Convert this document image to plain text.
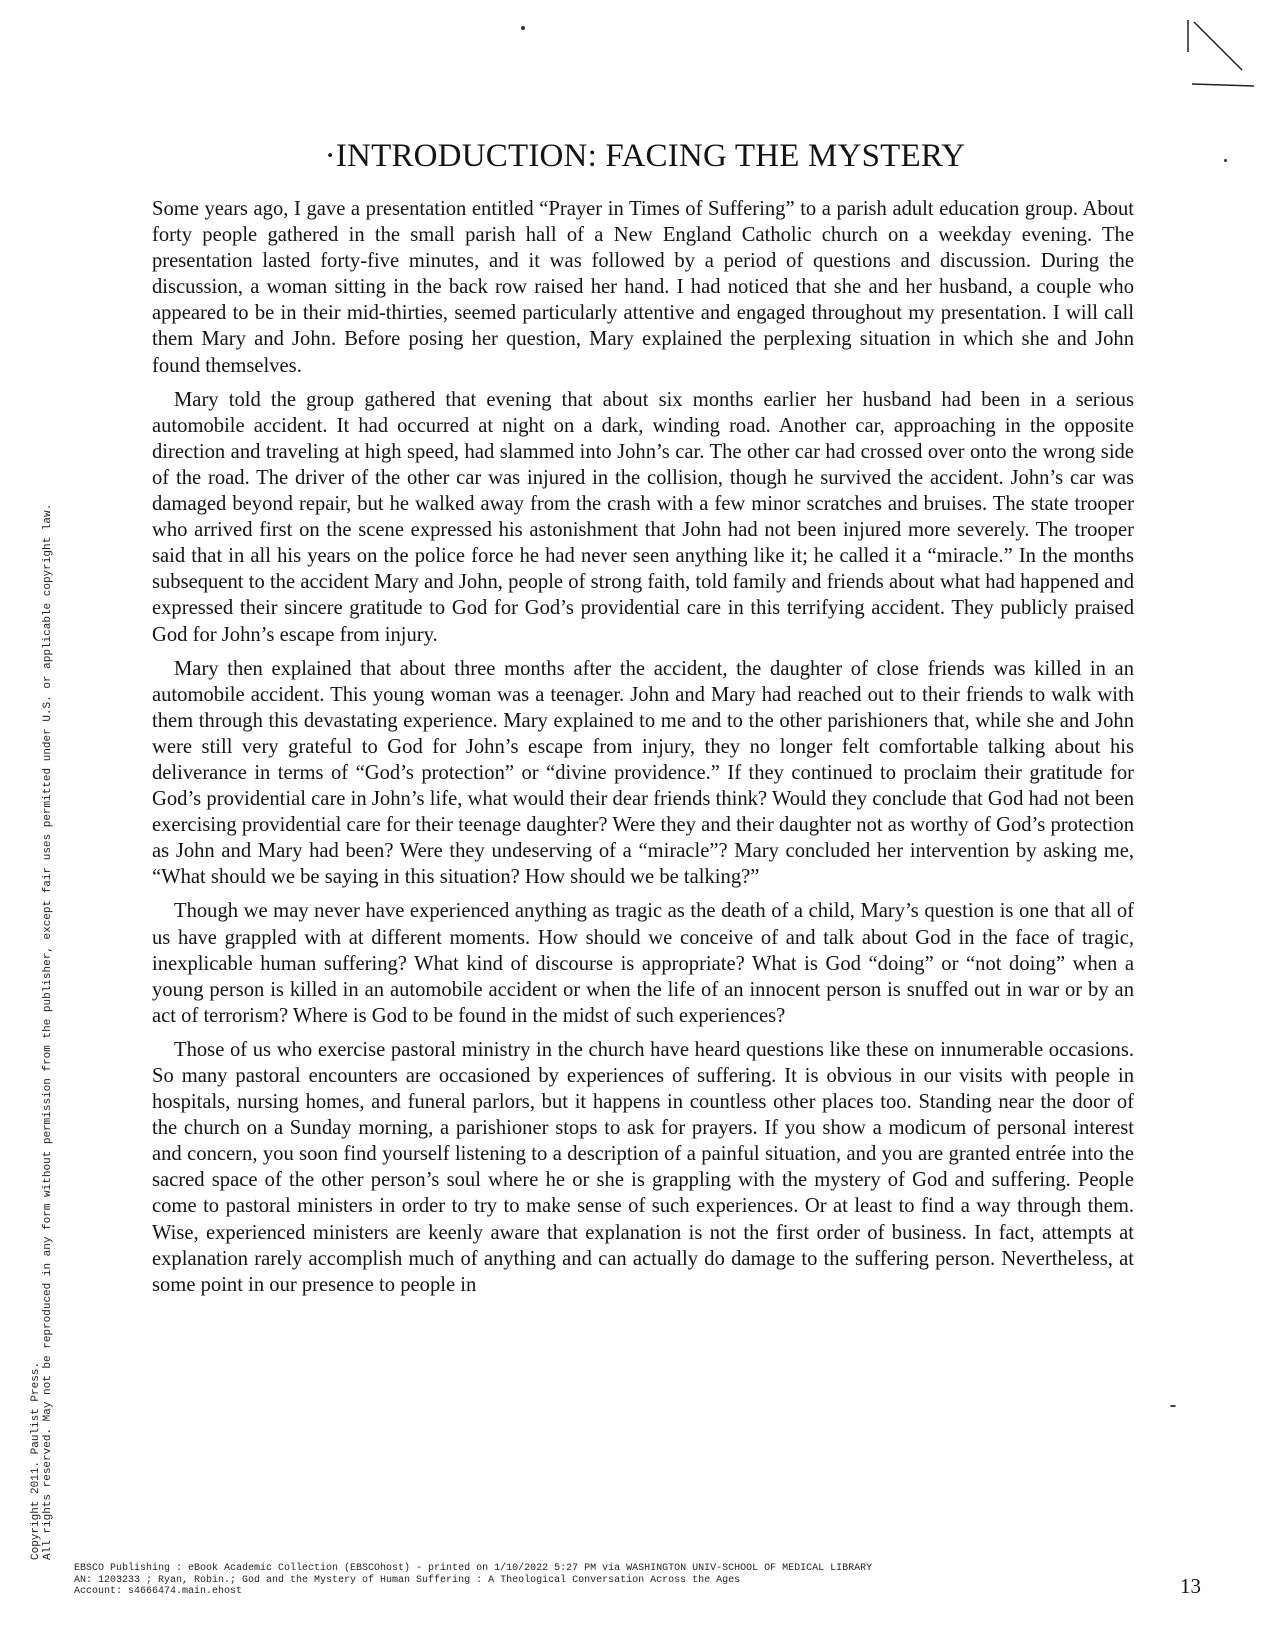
·INTRODUCTION: FACING THE MYSTERY

Some years ago, I gave a presentation entitled “Prayer in Times of Suffering” to a parish adult education group. About forty people gathered in the small parish hall of a New England Catholic church on a weekday evening. The presentation lasted forty-five minutes, and it was followed by a period of questions and discussion. During the discussion, a woman sitting in the back row raised her hand. I had noticed that she and her husband, a couple who appeared to be in their mid-thirties, seemed particularly attentive and engaged throughout my presentation. I will call them Mary and John. Before posing her question, Mary explained the perplexing situation in which she and John found themselves.

Mary told the group gathered that evening that about six months earlier her husband had been in a serious automobile accident. It had occurred at night on a dark, winding road. Another car, approaching in the opposite direction and traveling at high speed, had slammed into John’s car. The other car had crossed over onto the wrong side of the road. The driver of the other car was injured in the collision, though he survived the accident. John’s car was damaged beyond repair, but he walked away from the crash with a few minor scratches and bruises. The state trooper who arrived first on the scene expressed his astonishment that John had not been injured more severely. The trooper said that in all his years on the police force he had never seen anything like it; he called it a “miracle.” In the months subsequent to the accident Mary and John, people of strong faith, told family and friends about what had happened and expressed their sincere gratitude to God for God’s providential care in this terrifying accident. They publicly praised God for John’s escape from injury.

Mary then explained that about three months after the accident, the daughter of close friends was killed in an automobile accident. This young woman was a teenager. John and Mary had reached out to their friends to walk with them through this devastating experience. Mary explained to me and to the other parishioners that, while she and John were still very grateful to God for John’s escape from injury, they no longer felt comfortable talking about his deliverance in terms of “God’s protection” or “divine providence.” If they continued to proclaim their gratitude for God’s providential care in John’s life, what would their dear friends think? Would they conclude that God had not been exercising providential care for their teenage daughter? Were they and their daughter not as worthy of God’s protection as John and Mary had been? Were they undeserving of a “miracle”? Mary concluded her intervention by asking me, “What should we be saying in this situation? How should we be talking?”

Though we may never have experienced anything as tragic as the death of a child, Mary’s question is one that all of us have grappled with at different moments. How should we conceive of and talk about God in the face of tragic, inexplicable human suffering? What kind of discourse is appropriate? What is God “doing” or “not doing” when a young person is killed in an automobile accident or when the life of an innocent person is snuffed out in war or by an act of terrorism? Where is God to be found in the midst of such experiences?

Those of us who exercise pastoral ministry in the church have heard questions like these on innumerable occasions. So many pastoral encounters are occasioned by experiences of suffering. It is obvious in our visits with people in hospitals, nursing homes, and funeral parlors, but it happens in countless other places too. Standing near the door of the church on a Sunday morning, a parishioner stops to ask for prayers. If you show a modicum of personal interest and concern, you soon find yourself listening to a description of a painful situation, and you are granted entrée into the sacred space of the other person’s soul where he or she is grappling with the mystery of God and suffering. People come to pastoral ministers in order to try to make sense of such experiences. Or at least to find a way through them. Wise, experienced ministers are keenly aware that explanation is not the first order of business. In fact, attempts at explanation rarely accomplish much of anything and can actually do damage to the suffering person. Nevertheless, at some point in our presence to people in

Copyright 2011. Paulist Press. All rights reserved. May not be reproduced in any form without permission from the publisher, except fair uses permitted under U.S. or applicable copyright law.
EBSCO Publishing : eBook Academic Collection (EBSCOhost) - printed on 1/10/2022 5:27 PM via WASHINGTON UNIV-SCHOOL OF MEDICAL LIBRARY
AN: 1203233 ; Ryan, Robin.; God and the Mystery of Human Suffering : A Theological Conversation Across the Ages
Account: s4666474.main.ehost	13
